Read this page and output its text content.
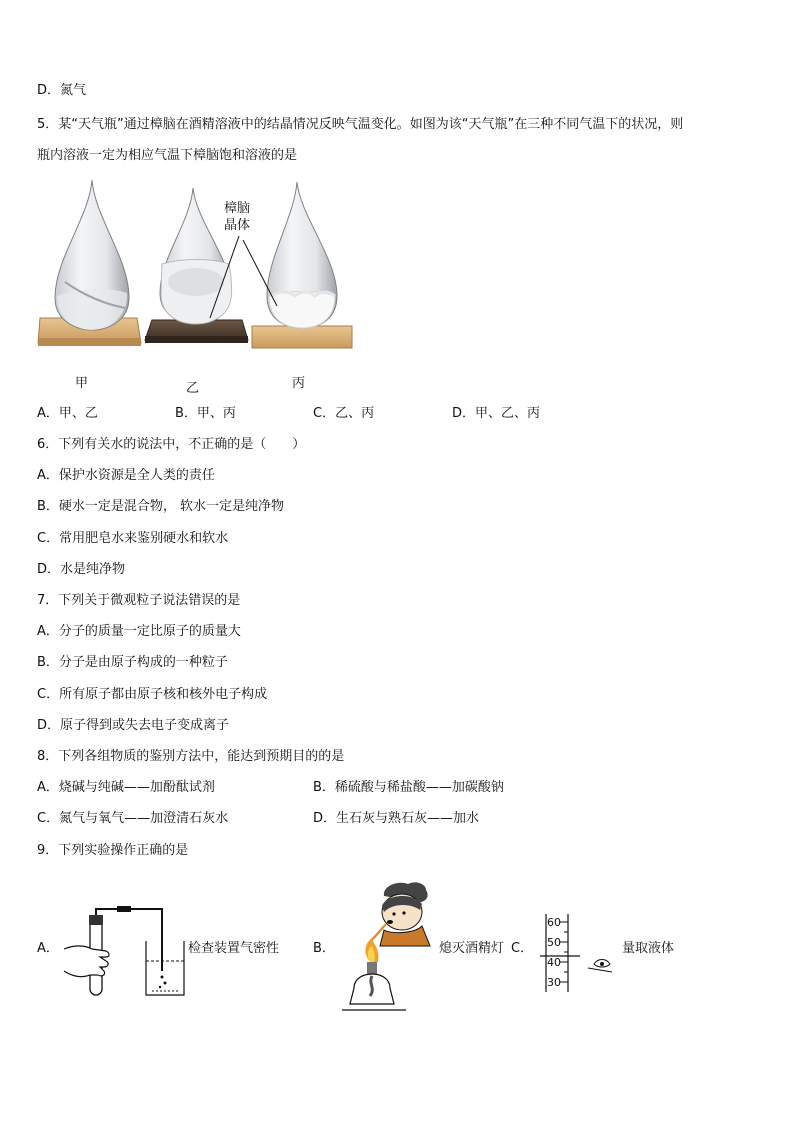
D．氮气
5．某“天气瓶”通过樟脑在酒精溶液中的结晶情况反映气温变化。如图为该“天气瓶”在三种不同气温下的状况，则
瓶内溶液一定为相应气温下樟脑饱和溶液的是
樟脑
晶体
甲	乙	丙
A．甲、乙	B．甲、丙	C．乙、丙	D．甲、乙、丙
6．下列有关水的说法中，不正确的是（　　）
A．保护水资源是全人类的责任
B．硬水一定是混合物， 软水一定是纯净物
C．常用肥皂水来鉴别硬水和软水
D．水是纯净物
7．下列关于微观粒子说法错误的是
A．分子的质量一定比原子的质量大
B．分子是由原子构成的一种粒子
C．所有原子都由原子核和核外电子构成
D．原子得到或失去电子变成离子
8．下列各组物质的鉴别方法中，能达到预期目的的是
A．烧碱与纯碱——加酚酞试剂	B．稀硫酸与稀盐酸——加碳酸钠
C．氮气与氧气——加澄清石灰水	D．生石灰与熟石灰——加水
9．下列实验操作正确的是
A．	检查装置气密性	B．	熄灭酒精灯 C．
60
50
40
30
量取液体
